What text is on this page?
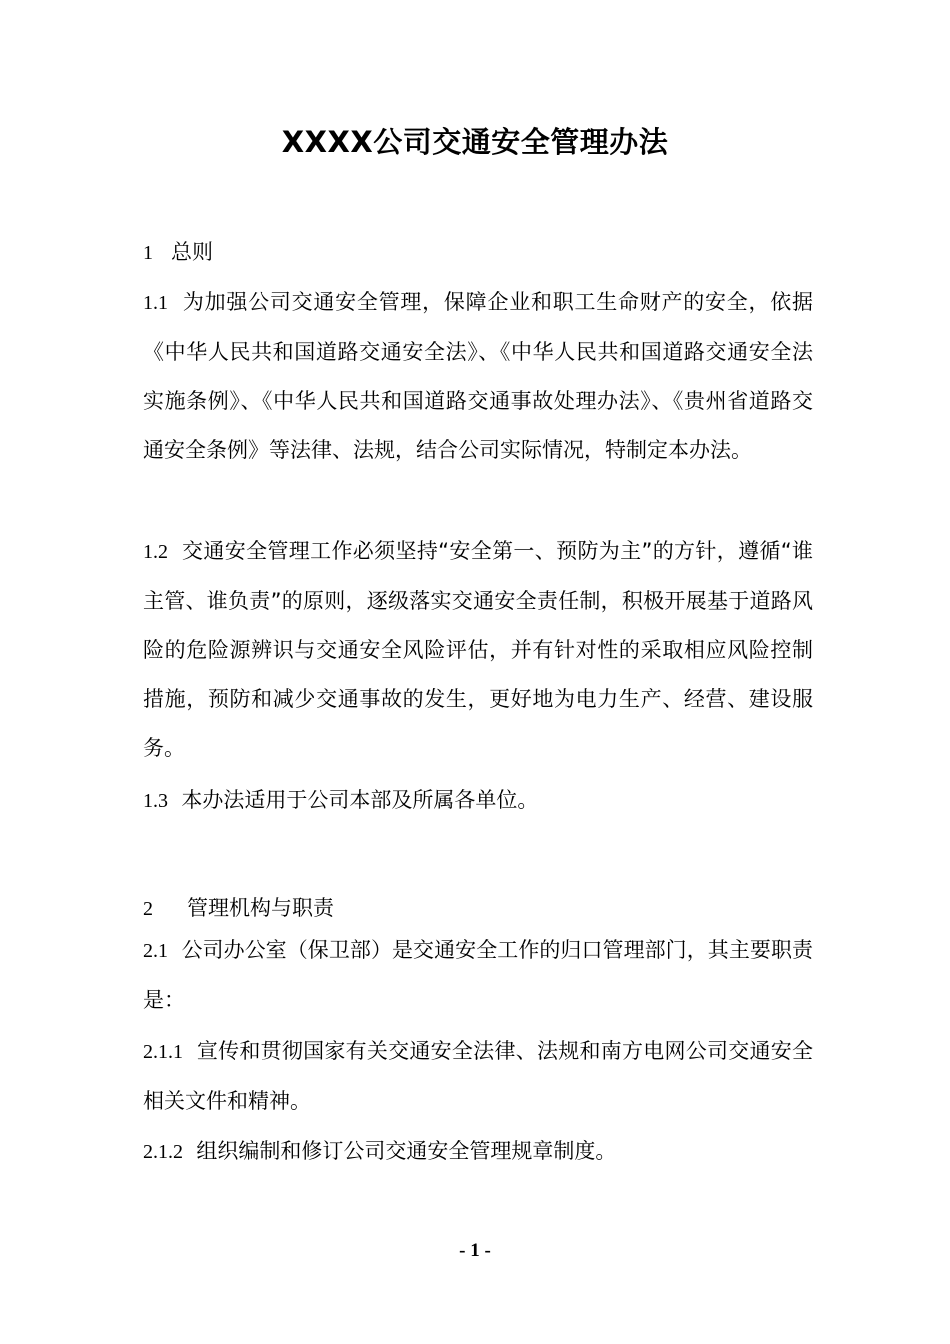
XXXX公司交通安全管理办法
1 总则
1.1 为加强公司交通安全管理，保障企业和职工生命财产的安全，依据《中华人民共和国道路交通安全法》、《中华人民共和国道路交通安全法实施条例》、《中华人民共和国道路交通事故处理办法》、《贵州省道路交通安全条例》等法律、法规，结合公司实际情况，特制定本办法。
1.2 交通安全管理工作必须坚持“安全第一、预防为主”的方针，遵循“谁主管、谁负责”的原则，逐级落实交通安全责任制，积极开展基于道路风险的危险源辨识与交通安全风险评估，并有针对性的采取相应风险控制措施，预防和减少交通事故的发生，更好地为电力生产、经营、建设服务。
1.3 本办法适用于公司本部及所属各单位。
2 管理机构与职责
2.1 公司办公室（保卫部）是交通安全工作的归口管理部门，其主要职责是：
2.1.1 宣传和贯彻国家有关交通安全法律、法规和南方电网公司交通安全相关文件和精神。
2.1.2 组织编制和修订公司交通安全管理规章制度。
- 1 -
